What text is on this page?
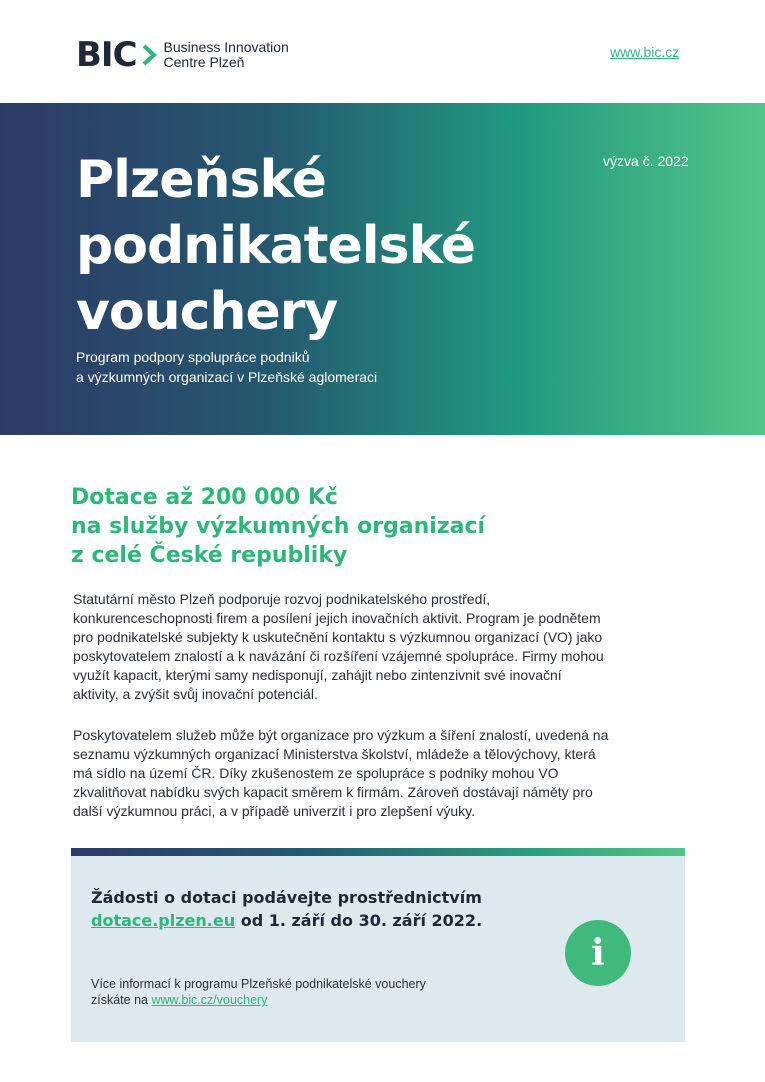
BIC Business Innovation
Centre Plzeň
www.bic.cz
výzva č. 2022
Plzeňské
podnikatelské
vouchery
Program podpory spolupráce podniků
a výzkumných organizací v Plzeňské aglomeraci
Dotace až 200 000 Kč
na služby výzkumných organizací
z celé České republiky

Statutární město Plzeň podporuje rozvoj podnikatelského prostředí,
konkurenceschopnosti firem a posílení jejich inovačních aktivit. Program je podnětem
pro podnikatelské subjekty k uskutečnění kontaktu s výzkumnou organizací (VO) jako
poskytovatelem znalostí a k navázání či rozšíření vzájemné spolupráce. Firmy mohou
využít kapacit, kterými samy nedisponují, zahájit nebo zintenzivnit své inovační
aktivity, a zvýšit svůj inovační potenciál.

Poskytovatelem služeb může být organizace pro výzkum a šíření znalostí, uvedená na
seznamu výzkumných organizací Ministerstva školství, mládeže a tělovýchovy, která
má sídlo na území ČR. Díky zkušenostem ze spolupráce s podniky mohou VO
zkvalitňovat nabídku svých kapacit směrem k firmám. Zároveň dostávají náměty pro
další výzkumnou práci, a v případě univerzit i pro zlepšení výuky.

Žádosti o dotaci podávejte prostřednictvím
dotace.plzen.eu od 1. září do 30. září 2022.

Více informací k programu Plzeňské podnikatelské vouchery
získáte na www.bic.cz/vouchery
i
